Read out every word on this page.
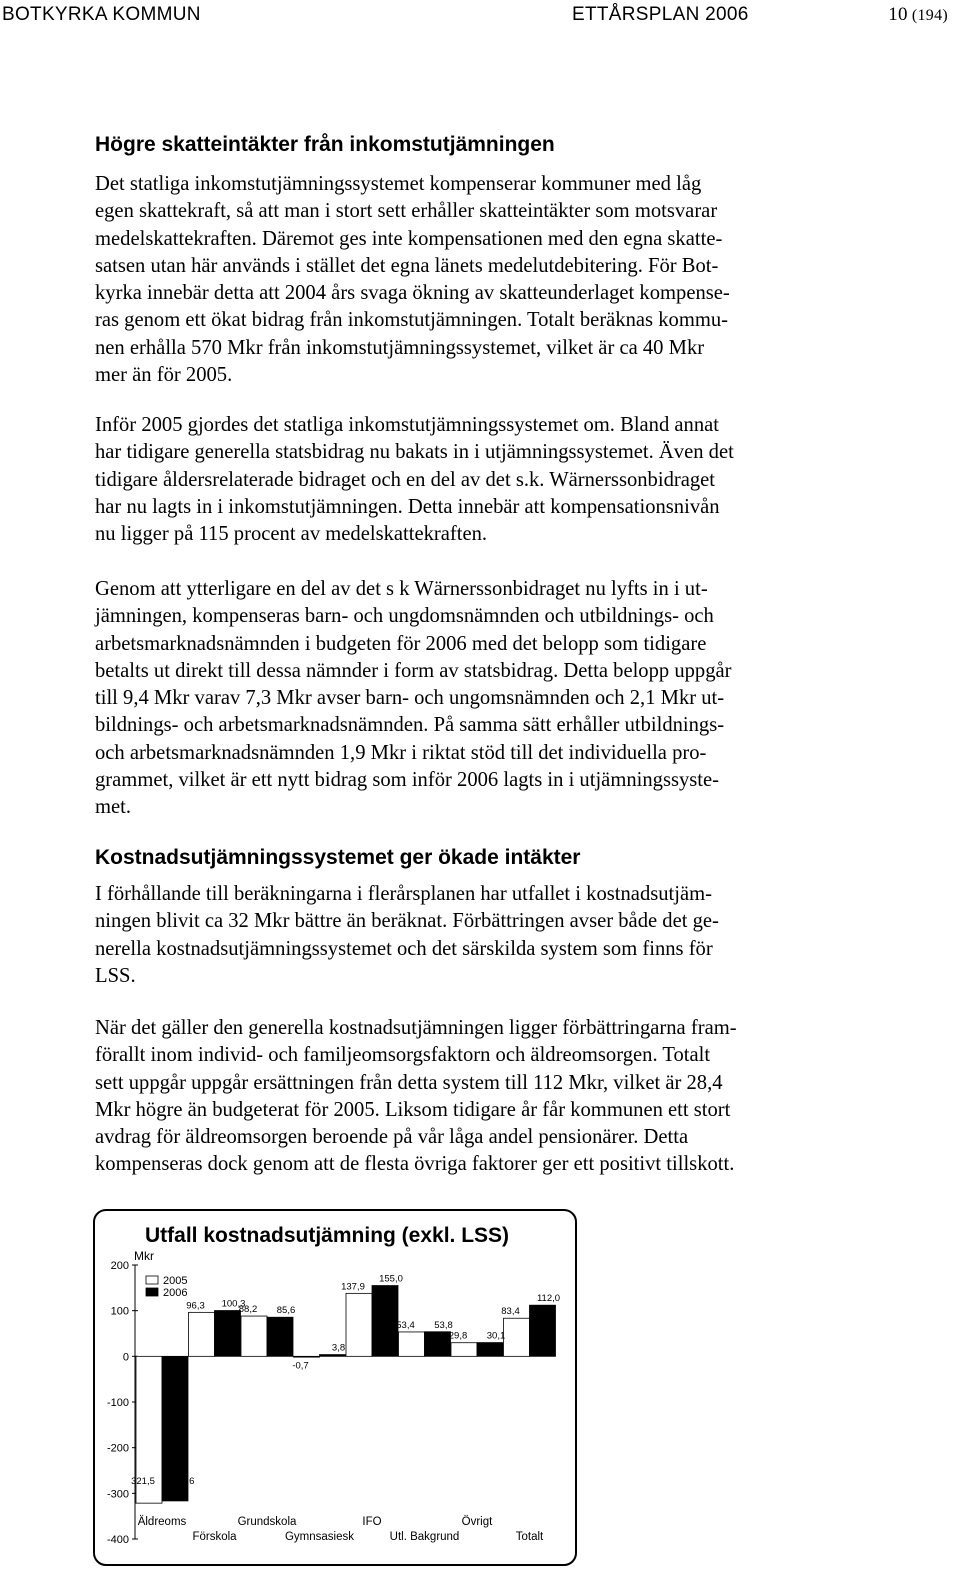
BOTKYRKA KOMMUN	ETTÅRSPLAN 2006	10 (194)
Högre skatteintäkter från inkomstutjämningen
Det statliga inkomstutjämningssystemet kompenserar kommuner med låg
egen skattekraft, så att man i stort sett erhåller skatteintäkter som motsvarar
medelskattekraften. Däremot ges inte kompensationen med den egna skatte-
satsen utan här används i stället det egna länets medelutdebitering. För Bot-
kyrka innebär detta att 2004 års svaga ökning av skatteunderlaget kompense-
ras genom ett ökat bidrag från inkomstutjämningen. Totalt beräknas kommu-
nen erhålla 570 Mkr från inkomstutjämningssystemet, vilket är ca 40 Mkr
mer än för 2005.
Inför 2005 gjordes det statliga inkomstutjämningssystemet om. Bland annat
har tidigare generella statsbidrag nu bakats in i utjämningssystemet. Även det
tidigare åldersrelaterade bidraget och en del av det s.k. Wärnerssonbidraget
har nu lagts in i inkomstutjämningen. Detta innebär att kompensationsnivån
nu ligger på 115 procent av medelskattekraften.
Genom att ytterligare en del av det s k Wärnerssonbidraget nu lyfts in i ut-
jämningen, kompenseras barn- och ungdomsnämnden och utbildnings- och
arbetsmarknadsnämnden i budgeten för 2006 med det belopp som tidigare
betalts ut direkt till dessa nämnder i form av statsbidrag. Detta belopp uppgår
till 9,4 Mkr varav 7,3 Mkr avser barn- och ungomsnämnden och 2,1 Mkr ut-
bildnings- och arbetsmarknadsnämnden. På samma sätt erhåller utbildnings-
och arbetsmarknadsnämnden 1,9 Mkr i riktat stöd till det individuella pro-
grammet, vilket är ett nytt bidrag som inför 2006 lagts in i utjämningssyste-
met.
Kostnadsutjämningssystemet ger ökade intäkter
I förhållande till beräkningarna i flerårsplanen har utfallet i kostnadsutjäm-
ningen blivit ca 32 Mkr bättre än beräknat. Förbättringen avser både det ge-
nerella kostnadsutjämningssystemet och det särskilda system som finns för
LSS.
När det gäller den generella kostnadsutjämningen ligger förbättringarna fram-
förallt inom individ- och familjeomsorgsfaktorn och äldreomsorgen. Totalt
sett uppgår uppgår ersättningen från detta system till 112 Mkr, vilket är 28,4
Mkr högre än budgeterat för 2005. Liksom tidigare år får kommunen ett stort
avdrag för äldreomsorgen beroende på vår låga andel pensionärer. Detta
kompenseras dock genom att de flesta övriga faktorer ger ett positivt tillskott.
Utfall kostnadsutjämning (exkl. LSS)
Mkr
2005
2006
200
100
0
-100
-200
-300
-400
321,5 -316,6
96,3 100,3
88,2 85,6
-0,7
3,8
137,9
155,0
53,4 53,8
29,8 30,1
83,4
112,0
Äldreoms
Förskola
Grundskola
Gymnsasiesk
IFO
Utl. Bakgrund
Övrigt
Totalt
